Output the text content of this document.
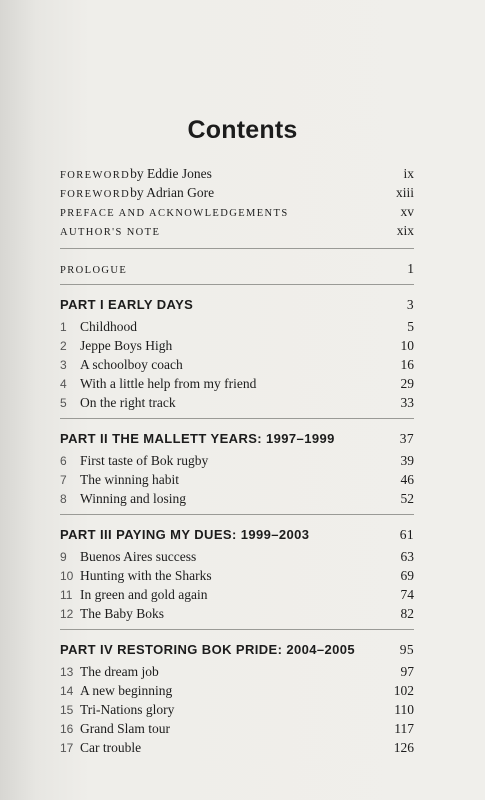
Contents
FOREWORD by Eddie Jones	ix
FOREWORD by Adrian Gore	xiii
PREFACE AND ACKNOWLEDGEMENTS	xv
AUTHOR'S NOTE	xix
PROLOGUE	1
PART I EARLY DAYS	3
1 Childhood	5
2 Jeppe Boys High	10
3 A schoolboy coach	16
4 With a little help from my friend	29
5 On the right track	33
PART II THE MALLETT YEARS: 1997–1999	37
6 First taste of Bok rugby	39
7 The winning habit	46
8 Winning and losing	52
PART III PAYING MY DUES: 1999–2003	61
9 Buenos Aires success	63
10 Hunting with the Sharks	69
11 In green and gold again	74
12 The Baby Boks	82
PART IV RESTORING BOK PRIDE: 2004–2005	95
13 The dream job	97
14 A new beginning	102
15 Tri-Nations glory	110
16 Grand Slam tour	117
17 Car trouble	126
